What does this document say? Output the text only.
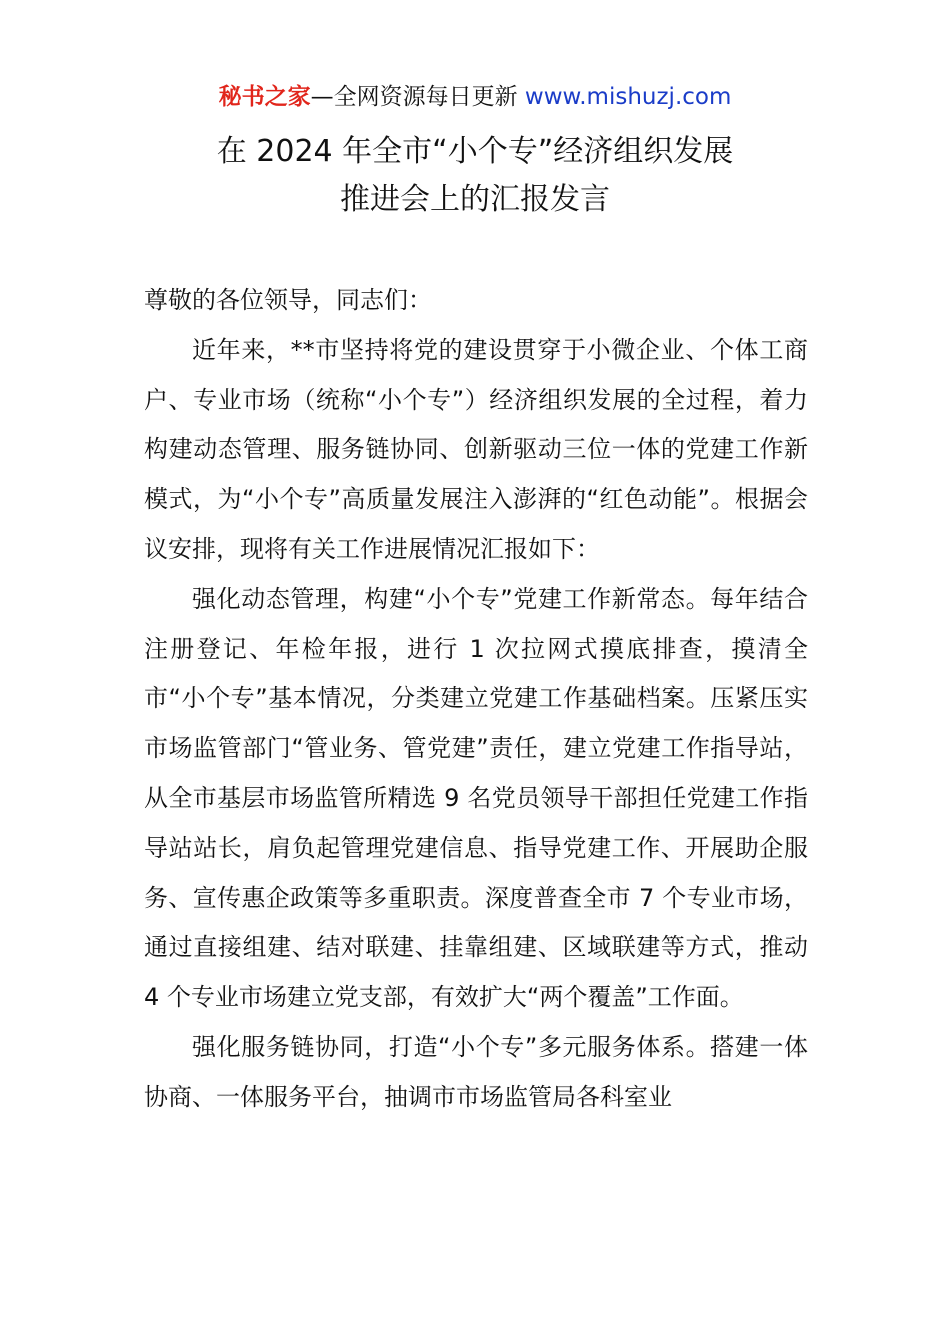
秘书之家—全网资源每日更新 www.mishuzj.com
在 2024 年全市“小个专”经济组织发展
推进会上的汇报发言

尊敬的各位领导，同志们：

近年来，**市坚持将党的建设贯穿于小微企业、个体工商户、专业市场（统称“小个专”）经济组织发展的全过程，着力构建动态管理、服务链协同、创新驱动三位一体的党建工作新模式，为“小个专”高质量发展注入澎湃的“红色动能”。根据会议安排，现将有关工作进展情况汇报如下：

强化动态管理，构建“小个专”党建工作新常态。每年结合注册登记、年检年报，进行 1 次拉网式摸底排查，摸清全市“小个专”基本情况，分类建立党建工作基础档案。压紧压实市场监管部门“管业务、管党建”责任，建立党建工作指导站，从全市基层市场监管所精选 9 名党员领导干部担任党建工作指导站站长，肩负起管理党建信息、指导党建工作、开展助企服务、宣传惠企政策等多重职责。深度普查全市 7 个专业市场，通过直接组建、结对联建、挂靠组建、区域联建等方式，推动 4 个专业市场建立党支部，有效扩大“两个覆盖”工作面。

强化服务链协同，打造“小个专”多元服务体系。搭建一体协商、一体服务平台，抽调市市场监管局各科室业
